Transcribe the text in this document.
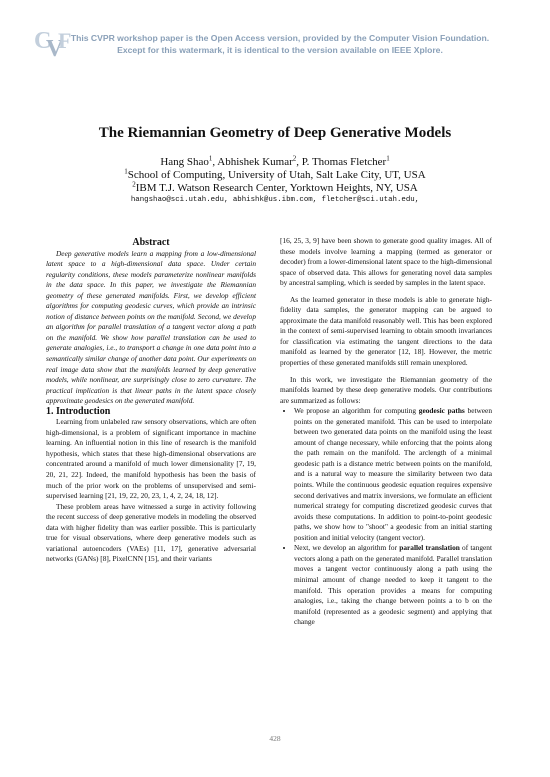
C
V
F This CVPR workshop paper is the Open Access version, provided by the Computer Vision Foundation.
Except for this watermark, it is identical to the version available on IEEE Xplore.
The Riemannian Geometry of Deep Generative Models
Hang Shao$^1$, Abhishek Kumar$^2$, P. Thomas Fletcher$^1$
$^1$School of Computing, University of Utah, Salt Lake City, UT, USA
$^2$IBM T.J. Watson Research Center, Yorktown Heights, NY, USA
hangshao@sci.utah.edu, abhishk@us.ibm.com, fletcher@sci.utah.edu,

Abstract

Deep generative models learn a mapping from a low-dimensional latent space to a high-dimensional data space. Under certain regularity conditions, these models parameterize nonlinear manifolds in the data space. In this paper, we investigate the Riemannian geometry of these generated manifolds. First, we develop efficient algorithms for computing geodesic curves, which provide an intrinsic notion of distance between points on the manifold. Second, we develop an algorithm for parallel translation of a tangent vector along a path on the manifold. We show how parallel translation can be used to generate analogies, i.e., to transport a change in one data point into a semantically similar change of another data point. Our experiments on real image data show that the manifolds learned by deep generative models, while nonlinear, are surprisingly close to zero curvature. The practical implication is that linear paths in the latent space closely approximate geodesics on the generated manifold.

1. Introduction

Learning from unlabeled raw sensory observations, which are often high-dimensional, is a problem of significant importance in machine learning. An influential notion in this line of research is the manifold hypothesis, which states that these high-dimensional observations are concentrated around a manifold of much lower dimensionality [7, 19, 20, 21, 22]. Indeed, the manifold hypothesis has been the basis of much of the prior work on the problems of unsupervised and semi-supervised learning [21, 19, 22, 20, 23, 1, 4, 2, 24, 18, 12].

These problem areas have witnessed a surge in activity following the recent success of deep generative models in modeling the observed data with higher fidelity than was earlier possible. This is particularly true for visual observations, where deep generative models such as variational autoencoders (VAEs) [11, 17], generative adversarial networks (GANs) [8], PixelCNN [15], and their variants

[16, 25, 3, 9] have been shown to generate good quality images. All of these models involve learning a mapping (termed as generator or decoder) from a lower-dimensional latent space to the high-dimensional space of observed data. This allows for generating novel data samples by ancestral sampling, which is seeded by samples in the latent space.

As the learned generator in these models is able to generate high-fidelity data samples, the generator mapping can be argued to approximate the data manifold reasonably well. This has been explored in the context of semi-supervised learning to obtain smooth invariances for classification via estimating the tangent directions to the data manifold as learned by the generator [12, 18]. However, the metric properties of these generated manifolds still remain unexplored.

In this work, we investigate the Riemannian geometry of the manifolds learned by these deep generative models. Our contributions are summarized as follows:

• We propose an algorithm for computing geodesic paths between points on the generated manifold. This can be used to interpolate between two generated data points on the manifold using the least amount of change necessary, while enforcing that the points along the path remain on the manifold. The arclength of a minimal geodesic path is a distance metric between points on the manifold, and is a natural way to measure the similarity between two data points. While the continuous geodesic equation requires expensive second derivatives and matrix inversions, we formulate an efficient numerical strategy for computing discretized geodesic curves that avoids these computations. In addition to point-to-point geodesic paths, we show how to "shoot" a geodesic from an initial starting position and initial velocity (tangent vector).
• Next, we develop an algorithm for parallel translation of tangent vectors along a path on the generated manifold. Parallel translation moves a tangent vector continuously along a path using the minimal amount of change needed to keep it tangent to the manifold. This operation provides a means for computing analogies, i.e., taking the change between points a to b on the manifold (represented as a geodesic segment) and applying that change
428
